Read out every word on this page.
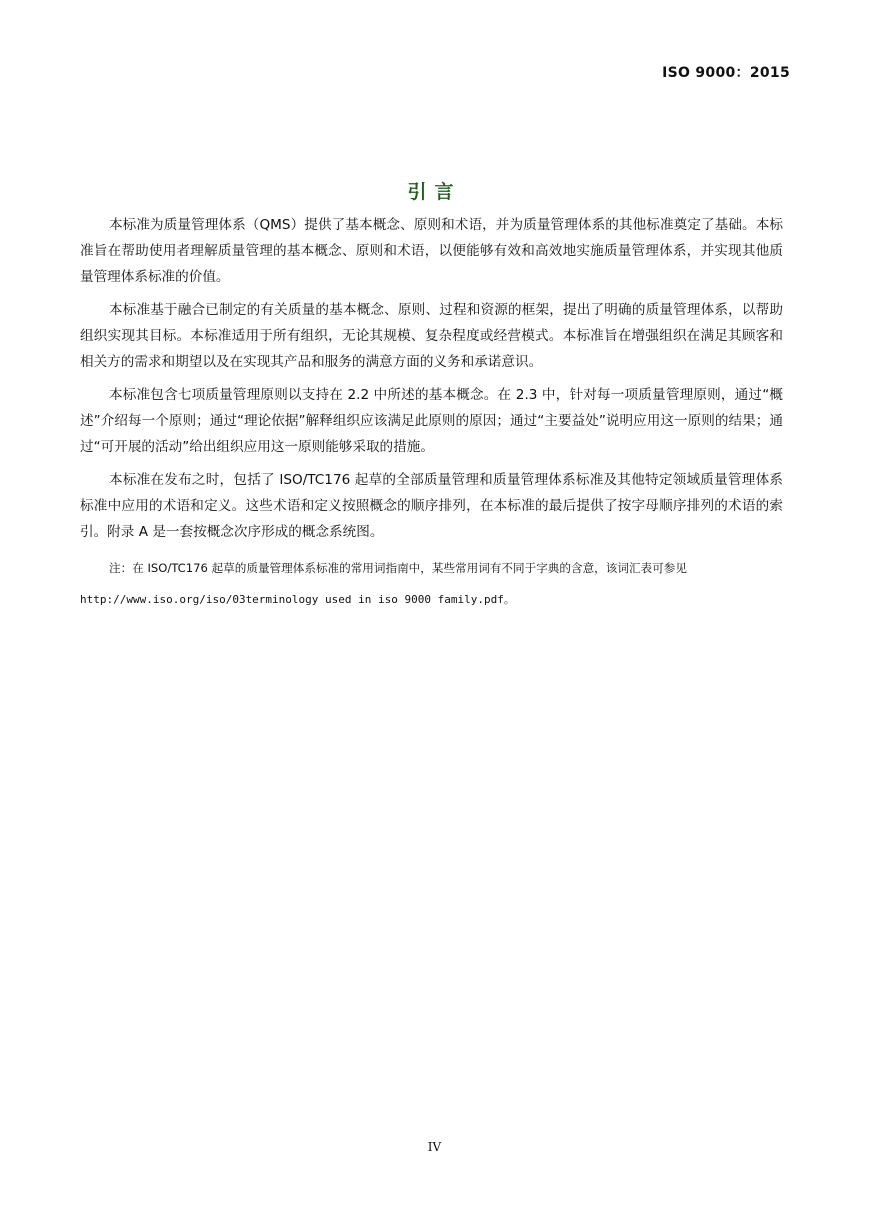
ISO 9000：2015
引言

本标准为质量管理体系（QMS）提供了基本概念、原则和术语，并为质量管理体系的其他标准奠定了基础。本标准旨在帮助使用者理解质量管理的基本概念、原则和术语，以便能够有效和高效地实施质量管理体系，并实现其他质量管理体系标准的价值。

本标准基于融合已制定的有关质量的基本概念、原则、过程和资源的框架，提出了明确的质量管理体系，以帮助组织实现其目标。本标准适用于所有组织，无论其规模、复杂程度或经营模式。本标准旨在增强组织在满足其顾客和相关方的需求和期望以及在实现其产品和服务的满意方面的义务和承诺意识。

本标准包含七项质量管理原则以支持在 2.2 中所述的基本概念。在 2.3 中，针对每一项质量管理原则，通过“概述”介绍每一个原则；通过“理论依据”解释组织应该满足此原则的原因；通过“主要益处”说明应用这一原则的结果；通过“可开展的活动”给出组织应用这一原则能够采取的措施。

本标准在发布之时，包括了 ISO/TC176 起草的全部质量管理和质量管理体系标准及其他特定领域质量管理体系标准中应用的术语和定义。这些术语和定义按照概念的顺序排列，在本标准的最后提供了按字母顺序排列的术语的索引。附录 A 是一套按概念次序形成的概念系统图。

注：在 ISO/TC176 起草的质量管理体系标准的常用词指南中，某些常用词有不同于字典的含意，该词汇表可参见
http://www.iso.org/iso/03terminology used in iso 9000 family.pdf。
IV
